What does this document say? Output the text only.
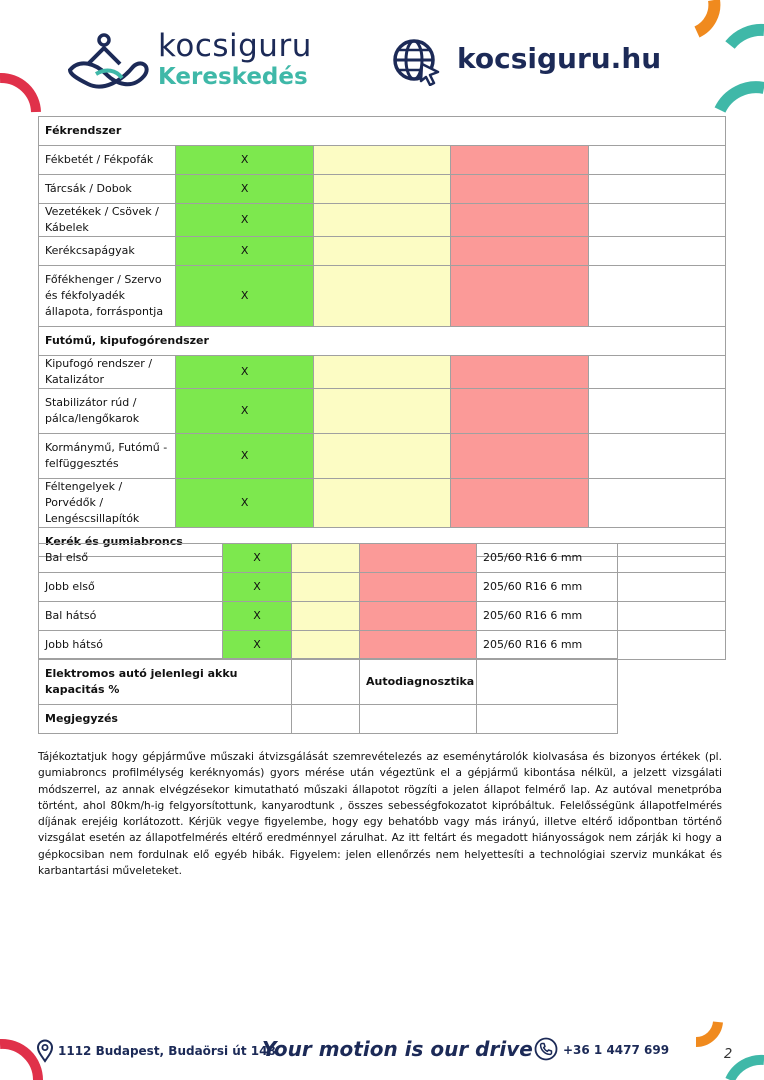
kocsiguru
Kereskedés
kocsiguru.hu
Fékrendszer				
Fékbetét / Fékpofák	X			
Tárcsák / Dobok	X			
Vezetékek / Csövek / Kábelek	X			
Kerékcsapágyak	X			
Főfékhenger / Szervo és fékfolyadék állapota, forráspontja	X			
Futómű, kipufogórendszer				
Kipufogó rendszer / Katalizátor	X			
Stabilizátor rúd / pálca/lengőkarok	X			
Kormánymű, Futómű - felfüggesztés	X			
Féltengelyek / Porvédők / Lengéscsillapítók	X			
Kerék és gumiabroncs				
Bal első	X			205/60 R16 6 mm	
Jobb első	X			205/60 R16 6 mm	
Bal hátsó	X			205/60 R16 6 mm	
Jobb hátsó	X			205/60 R16 6 mm	
Elektromos autó jelenlegi akku kapacitás %		Autodiagnosztika	
Megjegyzés			

Tájékoztatjuk hogy gépjárműve műszaki átvizsgálását szemrevételezés az eseménytárolók kiolvasása és bizonyos értékek (pl. gumiabroncs profilmélység keréknyomás) gyors mérése után végeztünk el a gépjármű kibontása nélkül, a jelzett vizsgálati módszerrel, az annak elvégzésekor kimutatható műszaki állapotot rögzíti a jelen állapot felmérő lap. Az autóval menetpróba történt, ahol 80km/h-ig felgyorsítottunk, kanyarodtunk , összes sebességfokozatot kipróbáltuk. Felelősségünk állapotfelmérés díjának erejéig korlátozott. Kérjük vegye figyelembe, hogy egy behatóbb vagy más irányú, illetve eltérő időpontban történő vizsgálat esetén az állapotfelmérés eltérő eredménnyel zárulhat. Az itt feltárt és megadott hiányosságok nem zárják ki hogy a gépkocsiban nem fordulnak elő egyéb hibák. Figyelem: jelen ellenőrzés nem helyettesíti a technológiai szerviz munkákat és karbantartási műveleteket.

1112 Budapest, Budaörsi út 148.
Your motion is our drive	+36 1 4477 699	2
